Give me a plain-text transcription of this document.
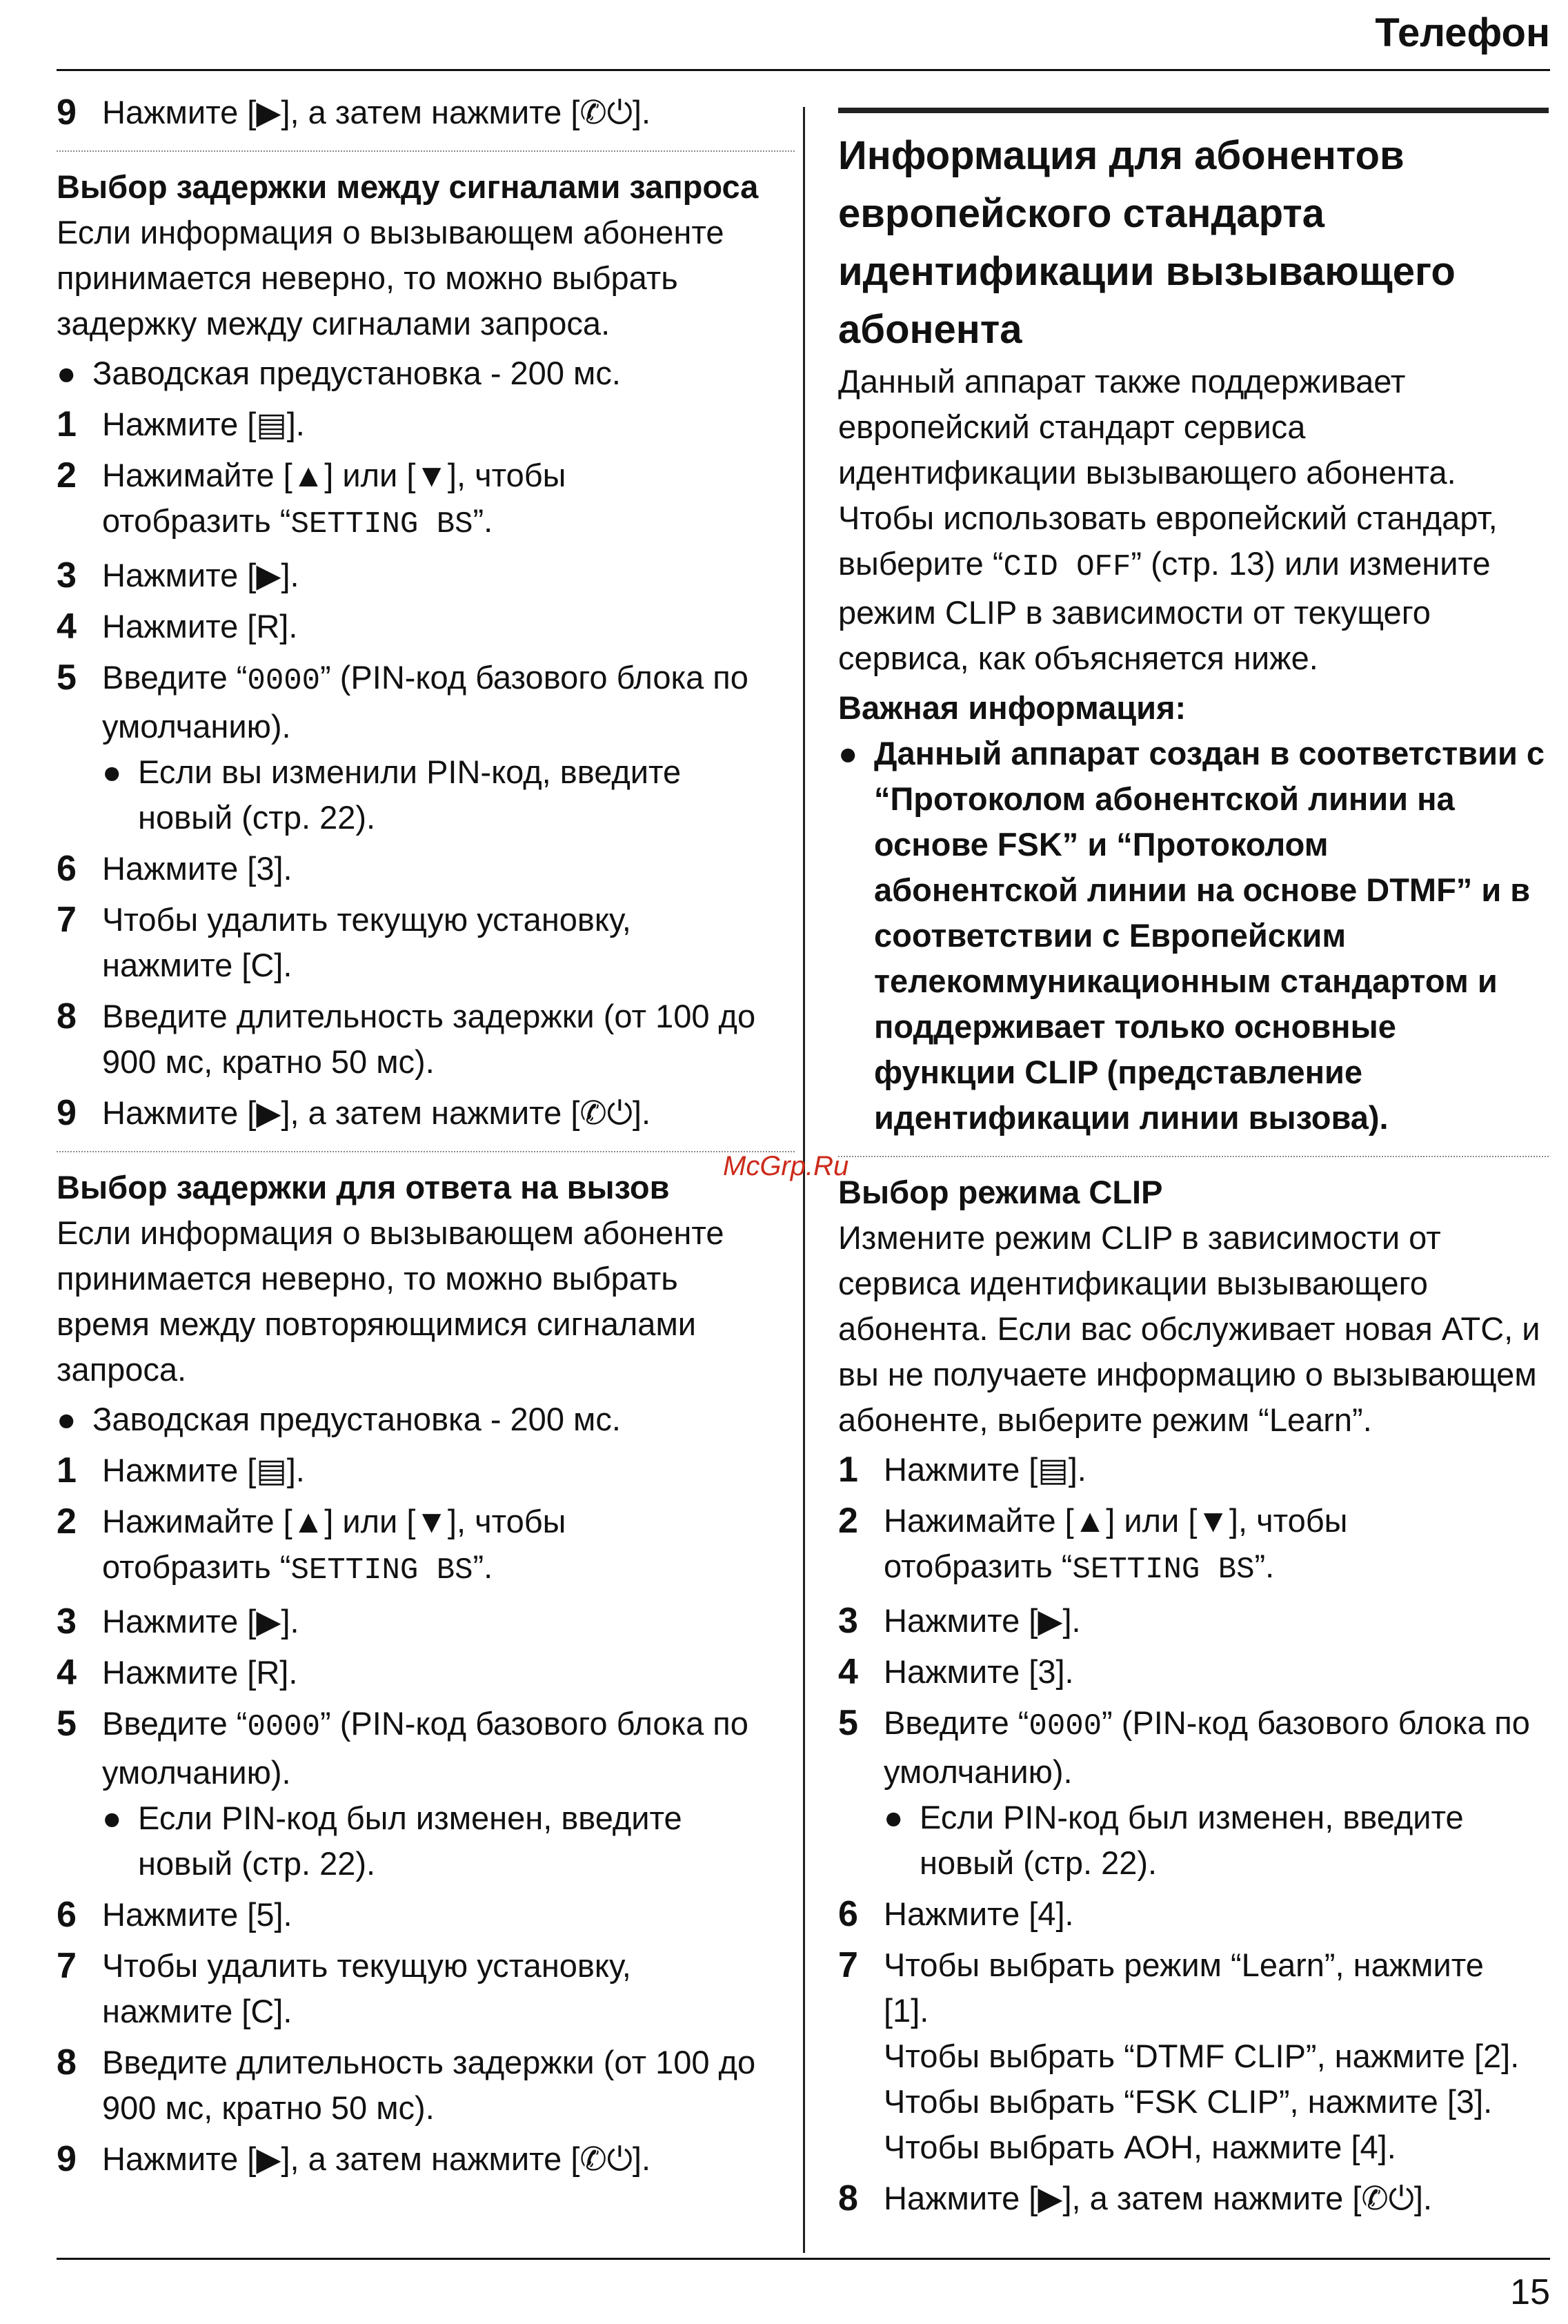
Телефон
9 Нажмите [▶], а затем нажмите [✆⏻].

Выбор задержки между сигналами запроса

Если информация о вызывающем абоненте

принимается неверно, то можно выбрать

задержку между сигналами запроса.

● Заводская предустановка - 200 мс.
1 Нажмите [▤].
2 Нажимайте [▲] или [▼], чтобы
отобразить “SETTING BS”.
3 Нажмите [▶].
4 Нажмите [R].
5 Введите “0000” (PIN-код базового блока по
умолчанию).
● Если вы изменили PIN-код, введите
новый (стр. 22).
6 Нажмите [3].
7 Чтобы удалить текущую установку,
нажмите [C].
8 Введите длительность задержки (от 100 до
900 мс, кратно 50 мс).
9 Нажмите [▶], а затем нажмите [✆⏻].

Выбор задержки для ответа на вызов

Если информация о вызывающем абоненте

принимается неверно, то можно выбрать

время между повторяющимися сигналами

запроса.

● Заводская предустановка - 200 мс.
1 Нажмите [▤].
2 Нажимайте [▲] или [▼], чтобы
отобразить “SETTING BS”.
3 Нажмите [▶].
4 Нажмите [R].
5 Введите “0000” (PIN-код базового блока по
умолчанию).
● Если PIN-код был изменен, введите
новый (стр. 22).
6 Нажмите [5].
7 Чтобы удалить текущую установку,
нажмите [C].
8 Введите длительность задержки (от 100 до
900 мс, кратно 50 мс).
9 Нажмите [▶], а затем нажмите [✆⏻].

Информация для абонентов
европейского стандарта
идентификации вызывающего
абонента

Данный аппарат также поддерживает

европейский стандарт сервиса

идентификации вызывающего абонента.

Чтобы использовать европейский стандарт,

выберите “CID OFF” (стр. 13) или измените

режим CLIP в зависимости от текущего

сервиса, как объясняется ниже.

Важная информация:

● Данный аппарат создан в соответствии с
“Протоколом абонентской линии на
основе FSK” и “Протоколом
абонентской линии на основе DTMF” и в
соответствии с Европейским
телекоммуникационным стандартом и
поддерживает только основные
функции CLIP (представление
идентификации линии вызова).

Выбор режима CLIP

Измените режим CLIP в зависимости от

сервиса идентификации вызывающего

абонента. Если вас обслуживает новая АТС, и

вы не получаете информацию о вызывающем

абоненте, выберите режим “Learn”.

1 Нажмите [▤].
2 Нажимайте [▲] или [▼], чтобы
отобразить “SETTING BS”.
3 Нажмите [▶].
4 Нажмите [3].
5 Введите “0000” (PIN-код базового блока по
умолчанию).
● Если PIN-код был изменен, введите
новый (стр. 22).
6 Нажмите [4].
7 Чтобы выбрать режим “Learn”, нажмите
[1].
Чтобы выбрать “DTMF CLIP”, нажмите [2].
Чтобы выбрать “FSK CLIP”, нажмите [3].
Чтобы выбрать АОН, нажмите [4].
8 Нажмите [▶], а затем нажмите [✆⏻].
McGrp.Ru
15
